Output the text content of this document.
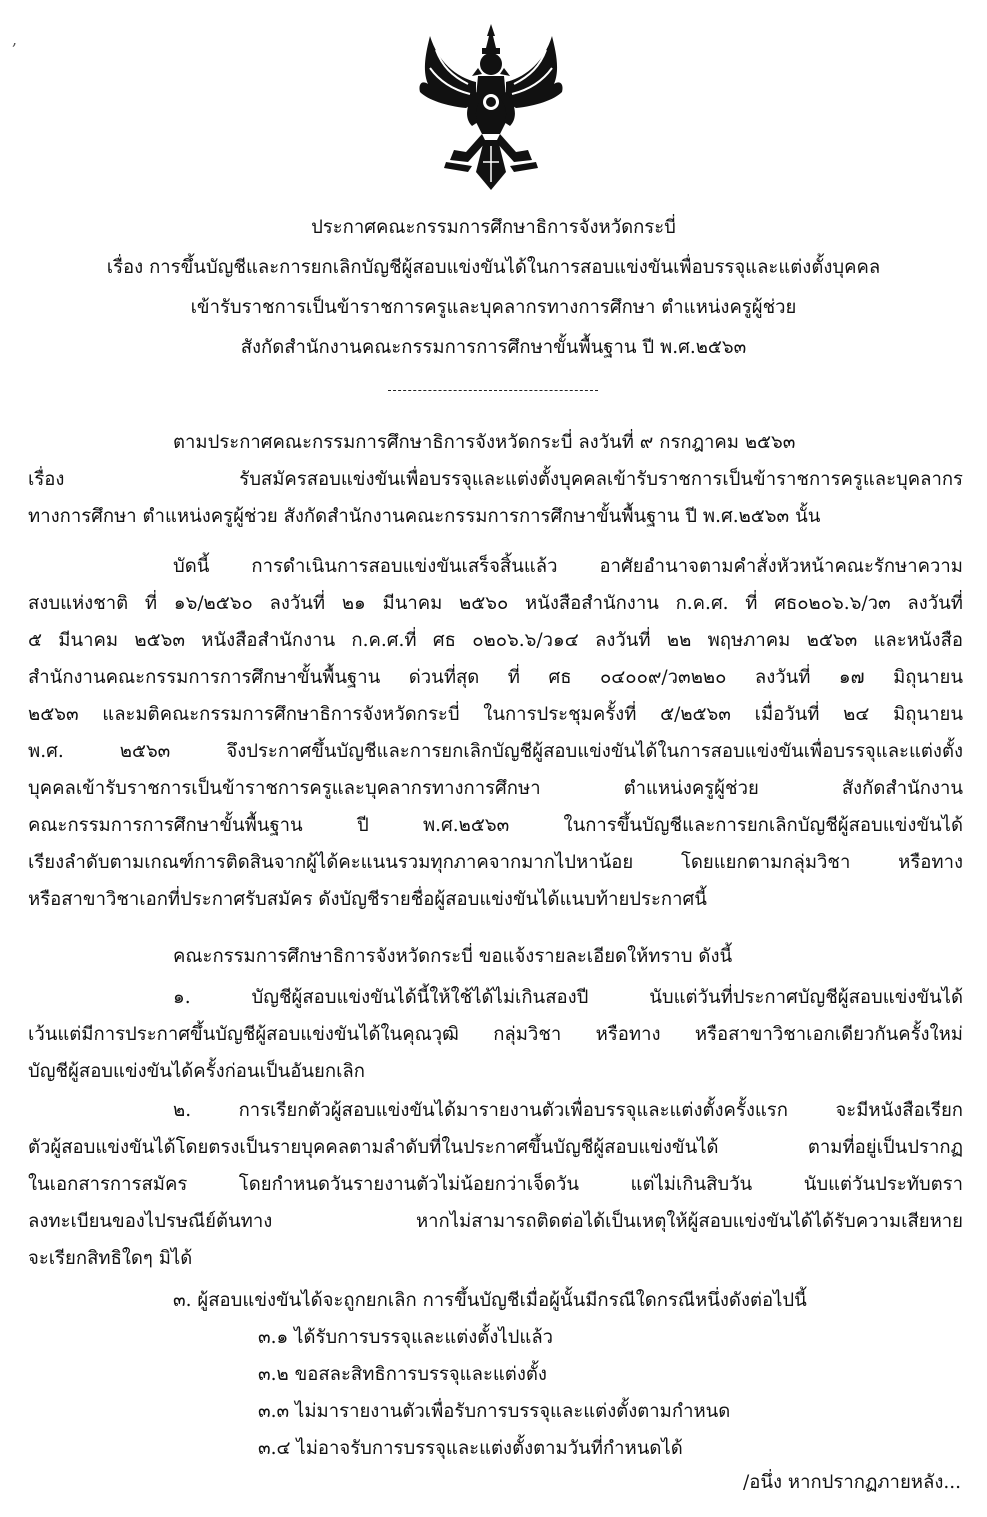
,
ประกาศคณะกรรมการศึกษาธิการจังหวัดกระบี่
เรื่อง การขึ้นบัญชีและการยกเลิกบัญชีผู้สอบแข่งขันได้ในการสอบแข่งขันเพื่อบรรจุและแต่งตั้งบุคคล
เข้ารับราชการเป็นข้าราชการครูและบุคลากรทางการศึกษา ตำแหน่งครูผู้ช่วย
สังกัดสำนักงานคณะกรรมการการศึกษาขั้นพื้นฐาน ปี พ.ศ.๒๕๖๓
ตามประกาศคณะกรรมการศึกษาธิการจังหวัดกระบี่ ลงวันที่ ๙ กรกฎาคม ๒๕๖๓
เรื่อง รับสมัครสอบแข่งขันเพื่อบรรจุและแต่งตั้งบุคคลเข้ารับราชการเป็นข้าราชการครูและบุคลากร
ทางการศึกษา ตำแหน่งครูผู้ช่วย สังกัดสำนักงานคณะกรรมการการศึกษาขั้นพื้นฐาน ปี พ.ศ.๒๕๖๓ นั้น
บัดนี้ การดำเนินการสอบแข่งขันเสร็จสิ้นแล้ว อาศัยอำนาจตามคำสั่งหัวหน้าคณะรักษาความ
สงบแห่งชาติ ที่ ๑๖/๒๕๖๐ ลงวันที่ ๒๑ มีนาคม ๒๕๖๐ หนังสือสำนักงาน ก.ค.ศ. ที่ ศธ๐๒๐๖.๖/ว๓ ลงวันที่
๕ มีนาคม ๒๕๖๓ หนังสือสำนักงาน ก.ค.ศ.ที่ ศธ ๐๒๐๖.๖/ว๑๔ ลงวันที่ ๒๒ พฤษภาคม ๒๕๖๓ และหนังสือ
สำนักงานคณะกรรมการการศึกษาขั้นพื้นฐาน ด่วนที่สุด ที่ ศธ ๐๔๐๐๙/ว๓๒๒๐ ลงวันที่ ๑๗ มิถุนายน
๒๕๖๓ และมติคณะกรรมการศึกษาธิการจังหวัดกระบี่ ในการประชุมครั้งที่ ๕/๒๕๖๓ เมื่อวันที่ ๒๔ มิถุนายน
พ.ศ. ๒๕๖๓ จึงประกาศขึ้นบัญชีและการยกเลิกบัญชีผู้สอบแข่งขันได้ในการสอบแข่งขันเพื่อบรรจุและแต่งตั้ง
บุคคลเข้ารับราชการเป็นข้าราชการครูและบุคลากรทางการศึกษา ตำแหน่งครูผู้ช่วย สังกัดสำนักงาน
คณะกรรมการการศึกษาขั้นพื้นฐาน ปี พ.ศ.๒๕๖๓ ในการขึ้นบัญชีและการยกเลิกบัญชีผู้สอบแข่งขันได้
เรียงลำดับตามเกณฑ์การติดสินจากผู้ได้คะแนนรวมทุกภาคจากมากไปหาน้อย โดยแยกตามกลุ่มวิชา หรือทาง
หรือสาขาวิชาเอกที่ประกาศรับสมัคร ดังบัญชีรายชื่อผู้สอบแข่งขันได้แนบท้ายประกาศนี้
คณะกรรมการศึกษาธิการจังหวัดกระบี่ ขอแจ้งรายละเอียดให้ทราบ ดังนี้
๑. บัญชีผู้สอบแข่งขันได้นี้ให้ใช้ได้ไม่เกินสองปี นับแต่วันที่ประกาศบัญชีผู้สอบแข่งขันได้
เว้นแต่มีการประกาศขึ้นบัญชีผู้สอบแข่งขันได้ในคุณวุฒิ กลุ่มวิชา หรือทาง หรือสาขาวิชาเอกเดียวกันครั้งใหม่
บัญชีผู้สอบแข่งขันได้ครั้งก่อนเป็นอันยกเลิก
๒. การเรียกตัวผู้สอบแข่งขันได้มารายงานตัวเพื่อบรรจุและแต่งตั้งครั้งแรก จะมีหนังสือเรียก
ตัวผู้สอบแข่งขันได้โดยตรงเป็นรายบุคคลตามลำดับที่ในประกาศขึ้นบัญชีผู้สอบแข่งขันได้ ตามที่อยู่เป็นปรากฏ
ในเอกสารการสมัคร โดยกำหนดวันรายงานตัวไม่น้อยกว่าเจ็ดวัน แต่ไม่เกินสิบวัน นับแต่วันประทับตรา
ลงทะเบียนของไปรษณีย์ต้นทาง หากไม่สามารถติดต่อได้เป็นเหตุให้ผู้สอบแข่งขันได้ได้รับความเสียหาย
จะเรียกสิทธิใดๆ มิได้
๓. ผู้สอบแข่งขันได้จะถูกยกเลิก การขึ้นบัญชีเมื่อผู้นั้นมีกรณีใดกรณีหนึ่งดังต่อไปนี้
๓.๑ ได้รับการบรรจุและแต่งตั้งไปแล้ว
๓.๒ ขอสละสิทธิการบรรจุและแต่งตั้ง
๓.๓ ไม่มารายงานตัวเพื่อรับการบรรจุและแต่งตั้งตามกำหนด
๓.๔ ไม่อาจรับการบรรจุและแต่งตั้งตามวันที่กำหนดได้
/อนึ่ง หากปรากฏภายหลัง...
